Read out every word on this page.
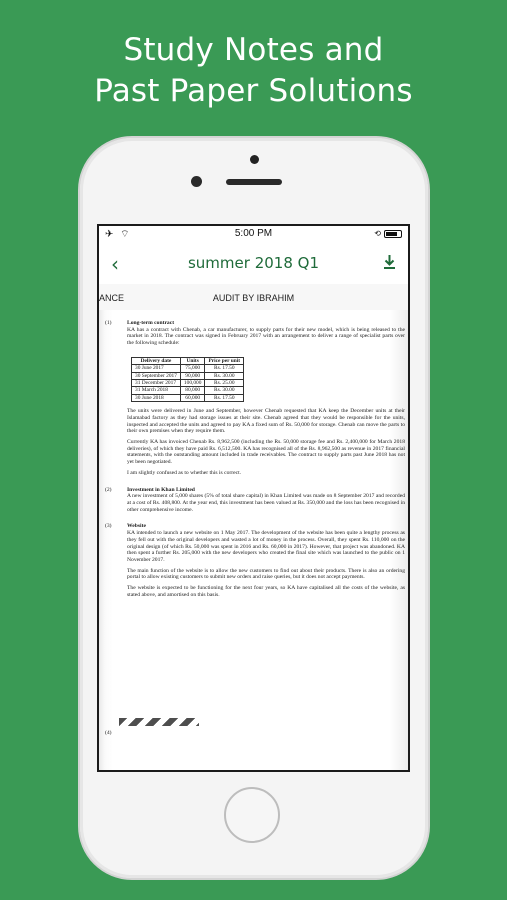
Study Notes and
Past Paper Solutions
✈ ⌔	5:00 PM	⟲
‹	summer 2018 Q1
ANCE	AUDIT BY IBRAHIM
(1)	Long-term contract

KA has a contract with Chenab, a car manufacturer, to supply parts for their new model, which is being released to the market in 2018. The contract was signed in February 2017 with an arrangement to deliver a range of specialist parts over the following schedule:

Delivery date	Units	Price per unit
30 June 2017	75,000	Rs. 17.50
30 September 2017	90,000	Rs. 30.00
31 December 2017	100,000	Rs. 25.00
31 March 2018	80,000	Rs. 30.00
30 June 2018	60,000	Rs. 17.50

The units were delivered in June and September, however Chenab requested that KA keep the December units at their Islamabad factory as they had storage issues at their site. Chenab agreed that they would be responsible for the units, inspected and accepted the units and agreed to pay KA a fixed sum of Rs. 50,000 for storage. Chenab can move the parts to their own premises when they require them.

Currently KA has invoiced Chenab Rs. 8,962,500 (including the Rs. 50,000 storage fee and Rs. 2,400,000 for March 2018 deliveries), of which they have paid Rs. 6,512,500. KA has recognised all of the Rs. 8,962,500 as revenue in 2017 financial statements, with the outstanding amount included in trade receivables. The contract to supply parts past June 2018 has not yet been negotiated.

I am slightly confused as to whether this is correct.

(2)	Investment in Khan Limited

A new investment of 5,000 shares (5% of total share capital) in Khan Limited was made on 8 September 2017 and recorded at a cost of Rs. 408,800. At the year end, this investment has been valued at Rs. 350,000 and the loss has been recognised in other comprehensive income.

(3)	Website

KA intended to launch a new website on 1 May 2017. The development of the website has been quite a lengthy process as they fell out with the original developers and wasted a lot of money in the process. Overall, they spent Rs. 110,000 on the original design (of which Rs. 50,000 was spent in 2016 and Rs. 60,000 in 2017). However, that project was abandoned. KA then spent a further Rs. 205,000 with the new developers who created the final site which was launched to the public on 1 November 2017.

The main function of the website is to allow the new customers to find out about their products. There is also an ordering portal to allow existing customers to submit new orders and raise queries, but it does not accept payments.

The website is expected to be functioning for the next four years, so KA have capitalised all the costs of the website, as stated above, and amortised on this basis.

(4)
